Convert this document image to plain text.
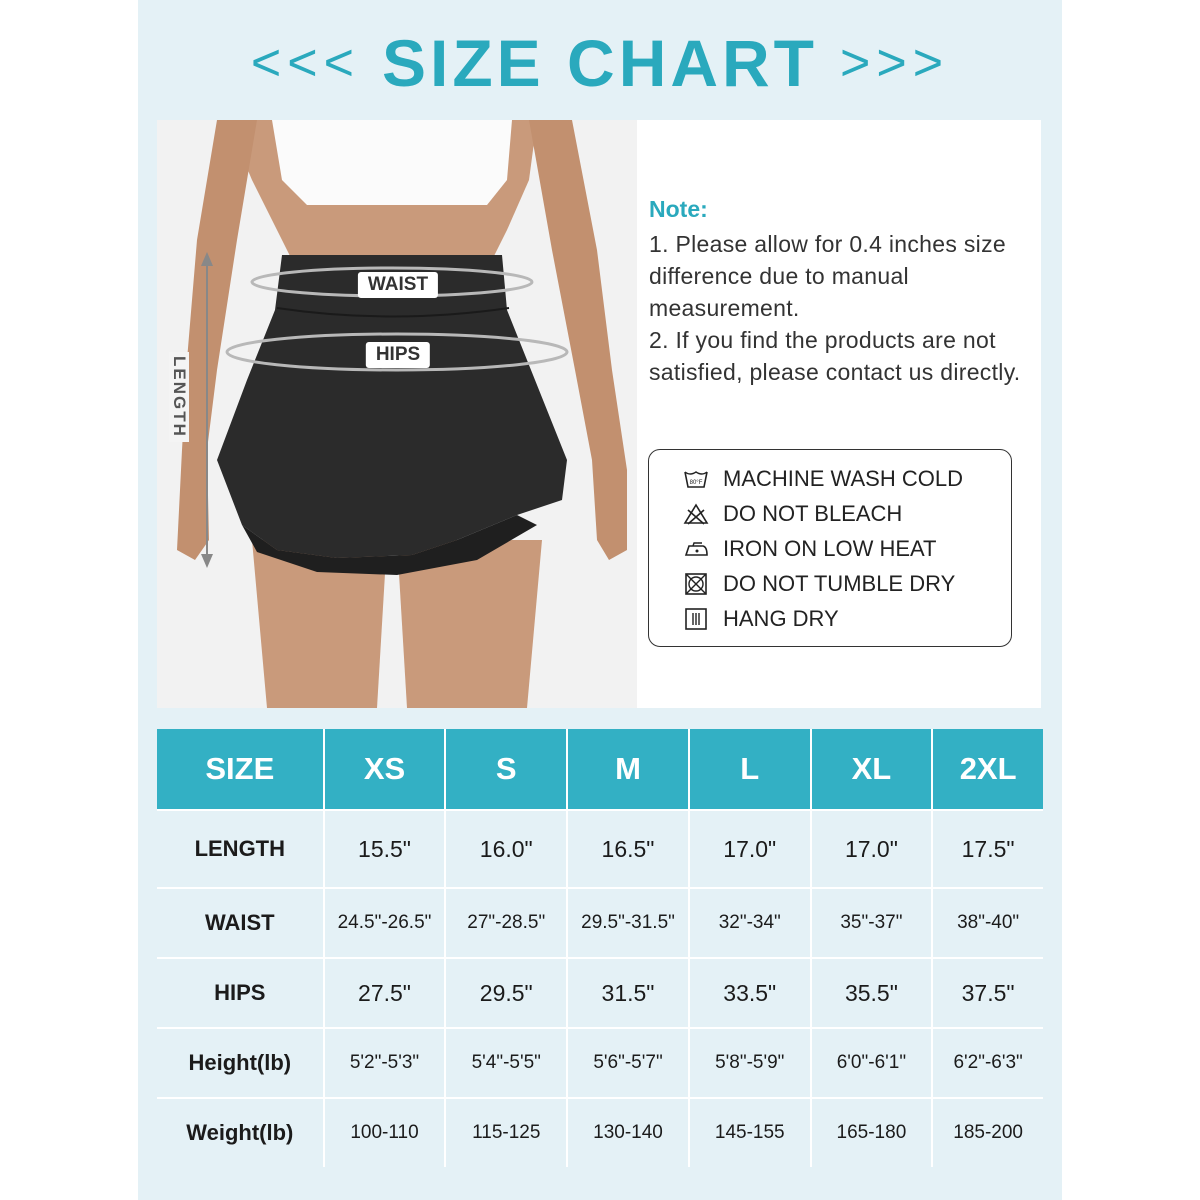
<<< SIZE CHART >>>
WAIST
HIPS
LENGTH
Note:

1. Please allow for 0.4 inches size difference due to manual measurement.

2. If you find the products are not satisfied, please contact us directly.

80°F MACHINE WASH COLD
DO NOT BLEACH
IRON ON LOW HEAT
DO NOT TUMBLE DRY
HANG DRY
SIZE	XS	S	M	L	XL	2XL
LENGTH	15.5"	16.0"	16.5"	17.0"	17.0"	17.5"
WAIST	24.5"-26.5"	27"-28.5"	29.5"-31.5"	32"-34"	35"-37"	38"-40"
HIPS	27.5"	29.5"	31.5"	33.5"	35.5"	37.5"
Height(lb)	5'2"-5'3"	5'4"-5'5"	5'6"-5'7"	5'8"-5'9"	6'0"-6'1"	6'2"-6'3"
Weight(lb)	100-110	115-125	130-140	145-155	165-180	185-200
